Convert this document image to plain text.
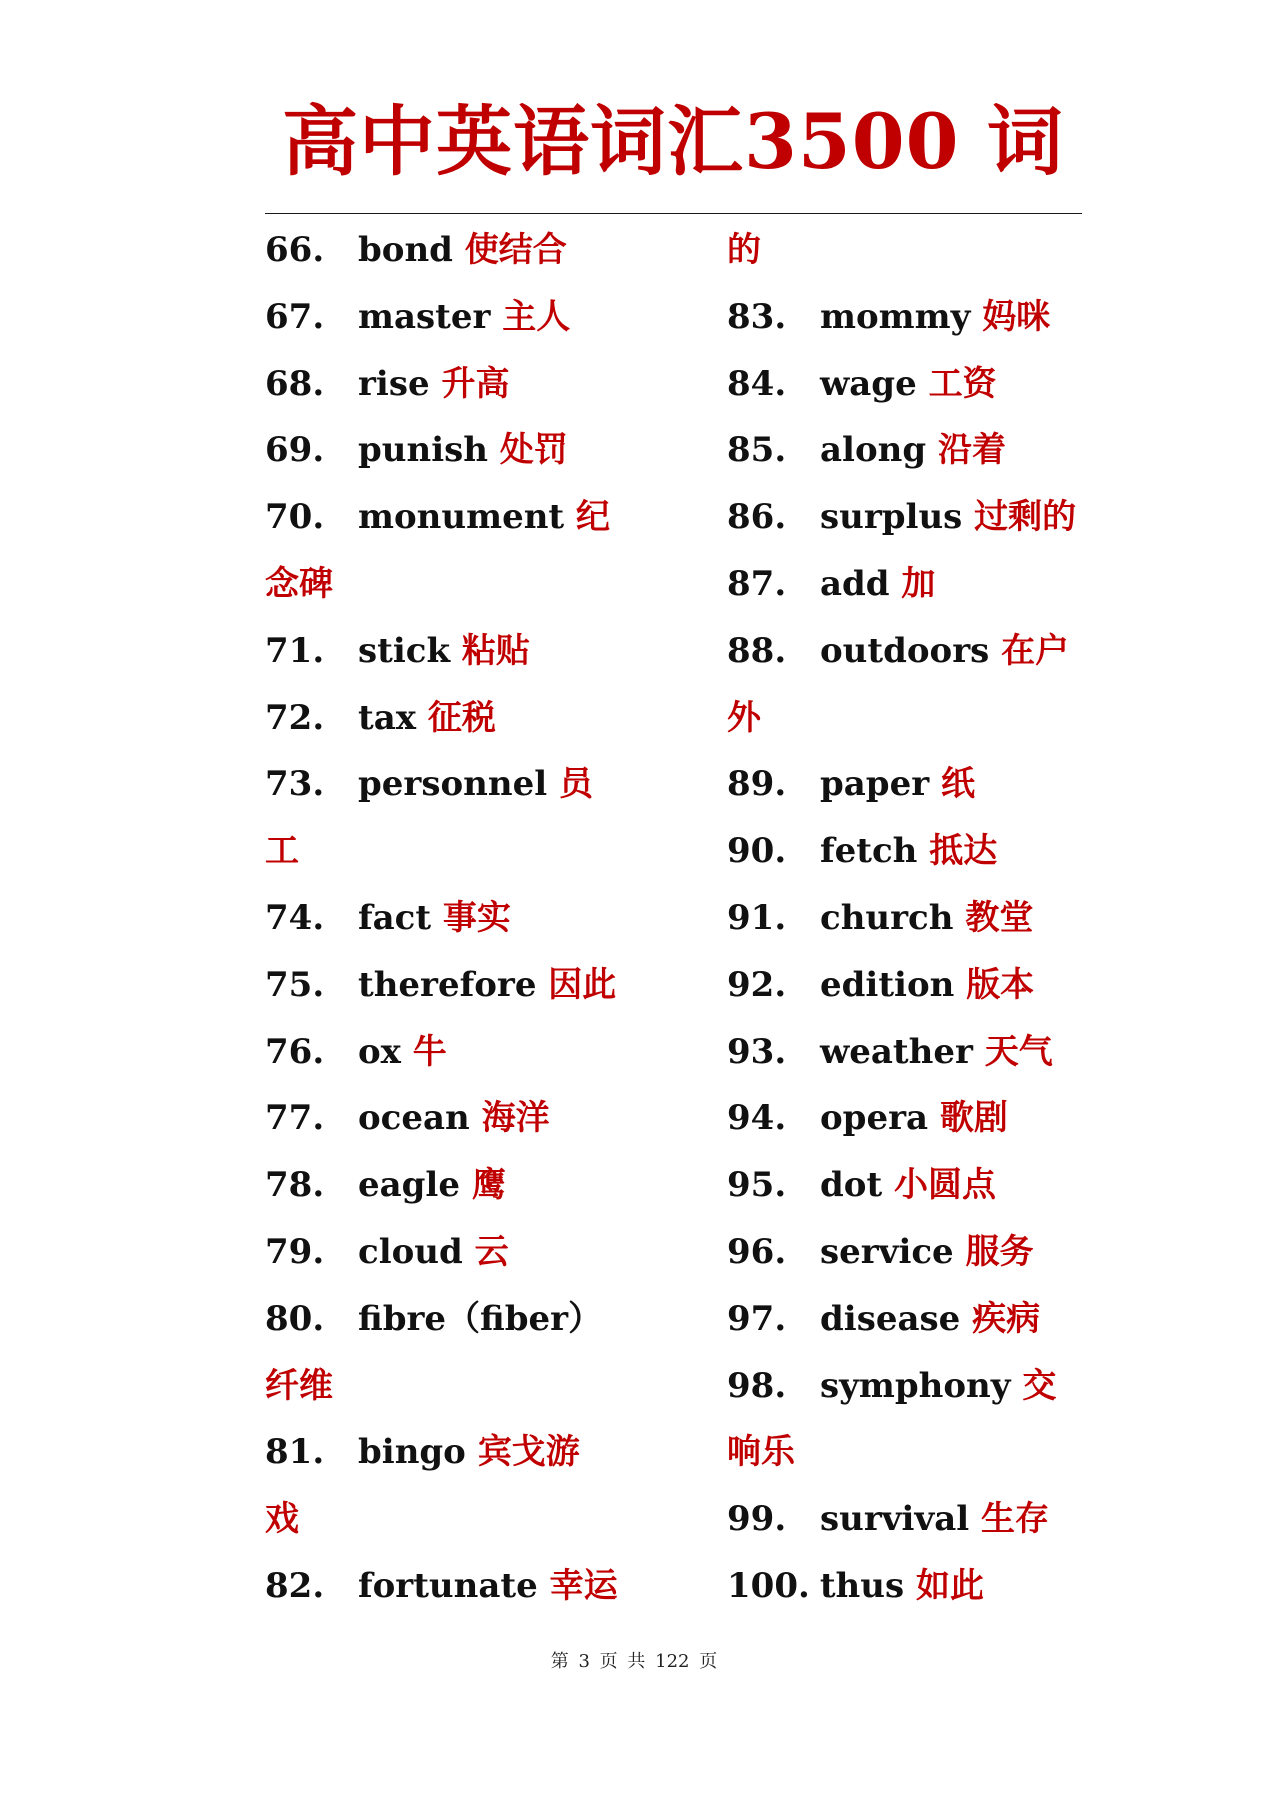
高中英语词汇3500 词
66. bond 使结合
67. master 主人
68. rise 升高
69. punish 处罚
70. monument 纪
念碑
71. stick 粘贴
72. tax 征税
73. personnel 员
工
74. fact 事实
75. therefore 因此
76. ox 牛
77. ocean 海洋
78. eagle 鹰
79. cloud 云
80. fibre（fiber）
纤维
81. bingo 宾戈游
戏
82. fortunate 幸运
的
83. mommy 妈咪
84. wage 工资
85. along 沿着
86. surplus 过剩的
87. add 加
88. outdoors 在户
外
89. paper 纸
90. fetch 抵达
91. church 教堂
92. edition 版本
93. weather 天气
94. opera 歌剧
95. dot 小圆点
96. service 服务
97. disease 疾病
98. symphony 交
响乐
99. survival 生存
100. thus 如此
第 3 页 共 122 页
